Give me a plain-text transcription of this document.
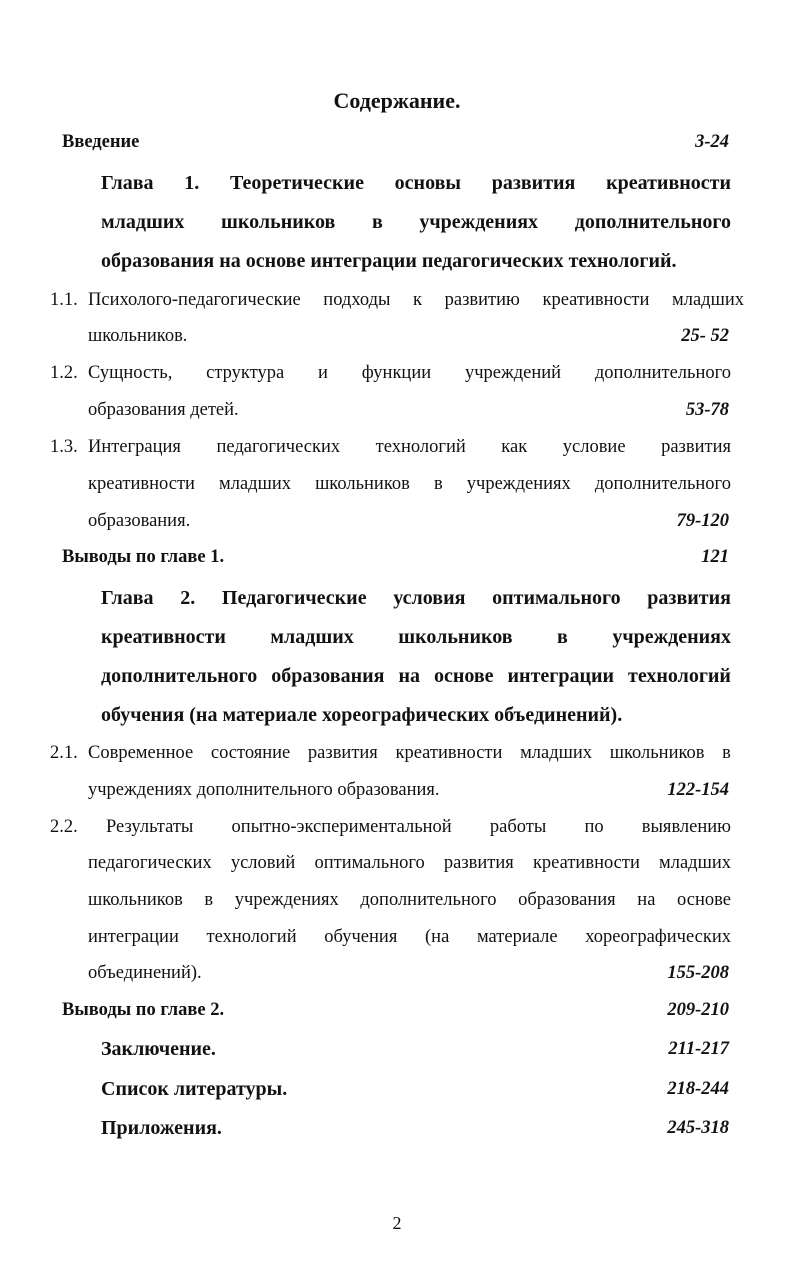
Содержание.
Введение	3-24
Глава 1. Теоретические основы развития креативности
младших школьников в учреждениях дополнительного
образования на основе интеграции педагогических технологий.
1.1. Психолого-педагогические подходы к развитию креативности младших
школьников.	25- 52
1.2. Сущность, структура и функции учреждений дополнительного
образования детей.	53-78
1.3. Интеграция педагогических технологий как условие развития
креативности младших школьников в учреждениях дополнительного
образования.	79-120
Выводы по главе 1.	121
Глава 2. Педагогические условия оптимального развития
креативности младших школьников в учреждениях
дополнительного образования на основе интеграции технологий
обучения (на материале хореографических объединений).
2.1. Современное состояние развития креативности младших школьников в
учреждениях дополнительного образования.	122-154
2.2. Результаты опытно-экспериментальной работы по выявлению
педагогических условий оптимального развития креативности младших
школьников в учреждениях дополнительного образования на основе
интеграции технологий обучения (на материале хореографических
объединений).	155-208
Выводы по главе 2.	209-210
Заключение.	211-217
Список литературы.	218-244
Приложения.	245-318
2
